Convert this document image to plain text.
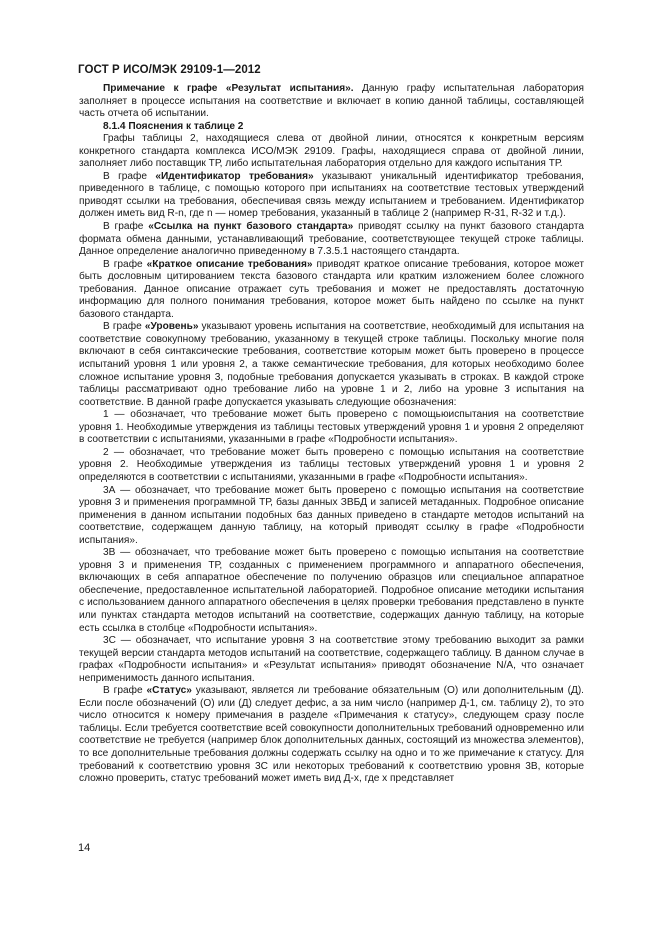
ГОСТ Р ИСО/МЭК 29109-1—2012

Примечание к графе «Результат испытания». Данную графу испытательная лаборатория заполняет в процессе испытания на соответствие и включает в копию данной таблицы, составляющей часть отчета об испытании.

8.1.4 Пояснения к таблице 2

Графы таблицы 2, находящиеся слева от двойной линии, относятся к конкретным версиям конкретного стандарта комплекса ИСО/МЭК 29109. Графы, находящиеся справа от двойной линии, заполняет либо поставщик ТР, либо испытательная лаборатория отдельно для каждого испытания ТР.

В графе «Идентификатор требования» указывают уникальный идентификатор требования, приведенного в таблице, с помощью которого при испытаниях на соответствие тестовых утверждений приводят ссылки на требования, обеспечивая связь между испытанием и требованием. Идентификатор должен иметь вид R-n, где n — номер требования, указанный в таблице 2 (например R-31, R-32 и т.д.).

В графе «Ссылка на пункт базового стандарта» приводят ссылку на пункт базового стандарта формата обмена данными, устанавливающий требование, соответствующее текущей строке таблицы. Данное определение аналогично приведенному в 7.3.5.1 настоящего стандарта.

В графе «Краткое описание требования» приводят краткое описание требования, которое может быть дословным цитированием текста базового стандарта или кратким изложением более сложного требования. Данное описание отражает суть требования и может не предоставлять достаточную информацию для полного понимания требования, которое может быть найдено по ссылке на пункт базового стандарта.

В графе «Уровень» указывают уровень испытания на соответствие, необходимый для испытания на соответствие совокупному требованию, указанному в текущей строке таблицы. Поскольку многие поля включают в себя синтаксические требования, соответствие которым может быть проверено в процессе испытаний уровня 1 или уровня 2, а также семантические требования, для которых необходимо более сложное испытание уровня 3, подобные требования допускается указывать в строках. В каждой строке таблицы рассматривают одно требование либо на уровне 1 и 2, либо на уровне 3 испытания на соответствие. В данной графе допускается указывать следующие обозначения:

1 — обозначает, что требование может быть проверено с помощьюиспытания на соответствие уровня 1. Необходимые утверждения из таблицы тестовых утверждений уровня 1 и уровня 2 определяют в соответствии с испытаниями, указанными в графе «Подробности испытания».

2 — обозначает, что требование может быть проверено с помощью испытания на соответствие уровня 2. Необходимые утверждения из таблицы тестовых утверждений уровня 1 и уровня 2 определяются в соответствии с испытаниями, указанными в графе «Подробности испытания».

3А — обозначает, что требование может быть проверено с помощью испытания на соответствие уровня 3 и применения программной ТР, базы данных ЗВБД и записей метаданных. Подробное описание применения в данном испытании подобных баз данных приведено в стандарте методов испытаний на соответствие, содержащем данную таблицу, на который приводят ссылку в графе «Подробности испытания».

3В — обозначает, что требование может быть проверено с помощью испытания на соответствие уровня 3 и применения ТР, созданных с применением программного и аппаратного обеспечения, включающих в себя аппаратное обеспечение по получению образцов или специальное аппаратное обеспечение, предоставленное испытательной лабораторией. Подробное описание методики испытания с использованием данного аппаратного обеспечения в целях проверки требования представлено в пункте или пунктах стандарта методов испытаний на соответствие, содержащих данную таблицу, на которые есть ссылка в столбце «Подробности испытания».

3С — обозначает, что испытание уровня 3 на соответствие этому требованию выходит за рамки текущей версии стандарта методов испытаний на соответствие, содержащего таблицу. В данном случае в графах «Подробности испытания» и «Результат испытания» приводят обозначение N/A, что означает неприменимость данного испытания.

В графе «Статус» указывают, является ли требование обязательным (О) или дополнительным (Д). Если после обозначений (О) или (Д) следует дефис, а за ним число (например Д-1, см. таблицу 2), то это число относится к номеру примечания в разделе «Примечания к статусу», следующем сразу после таблицы. Если требуется соответствие всей совокупности дополнительных требований одновременно или соответствие не требуется (например блок дополнительных данных, состоящий из множества элементов), то все дополнительные требования должны содержать ссылку на одно и то же примечание к статусу. Для требований к соответствию уровня 3С или некоторых требований к соответствию уровня 3В, которые сложно проверить, статус требований может иметь вид Д-х, где х представляет

14
